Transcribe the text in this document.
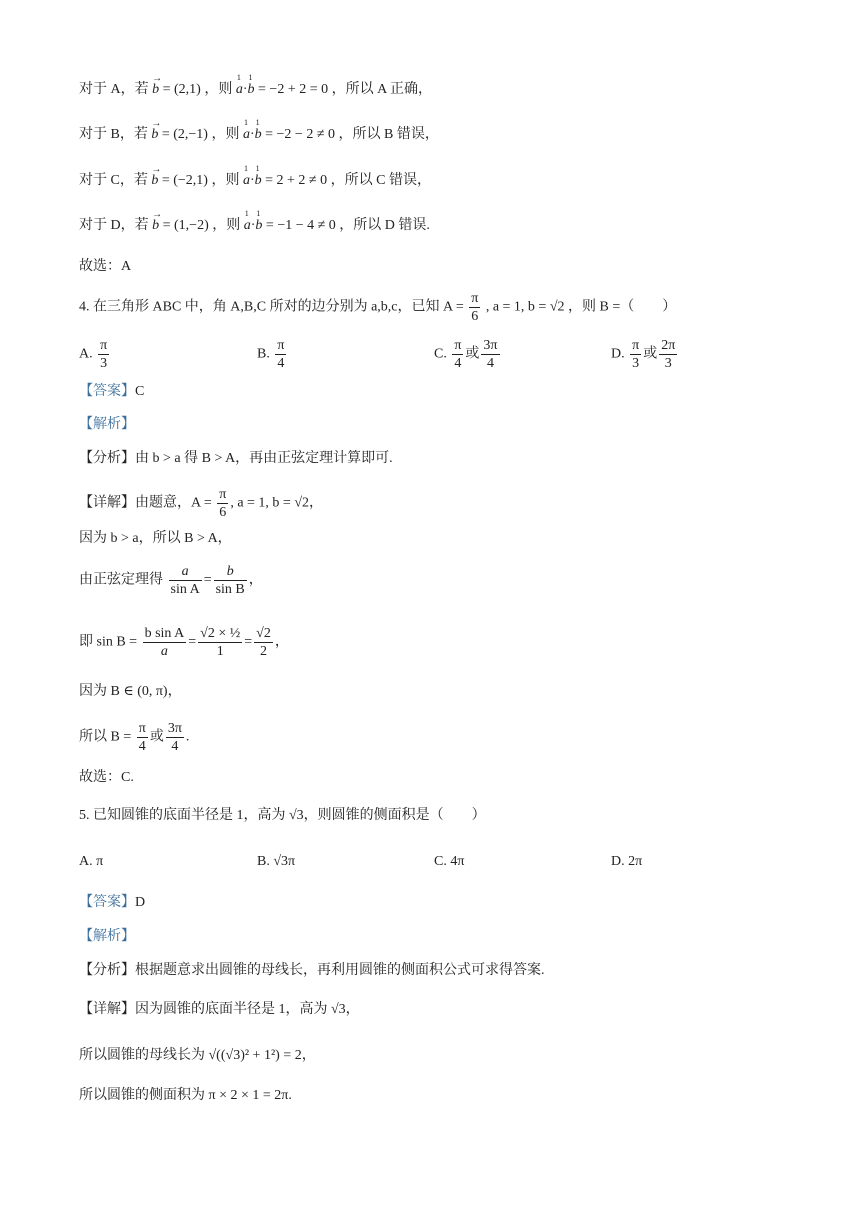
对于 A，若 → b = (2,1) ，则 1 a·1 b = −2 + 2 = 0 ，所以 A 正确，
对于 B，若 → b = (2,−1) ，则 1 a·1 b = −2 − 2 ≠ 0 ，所以 B 错误，
对于 C，若 → b = (−2,1) ，则 1 a·1 b = 2 + 2 ≠ 0 ，所以 C 错误，
对于 D，若 → b = (1,−2) ，则 1 a·1 b = −1 − 4 ≠ 0 ，所以 D 错误.
故选：A
4. 在三角形 ABC 中，角 A,B,C 所对的边分别为 a,b,c，已知 $A = \frac{\pi}{6}$ , a = 1, b = √2 ，则 B =（　　）
A. $\frac{\pi}{3}$	B. $\frac{\pi}{4}$	C. $\frac{\pi}{4}$ 或 $\frac{3\pi}{4}$	D. $\frac{\pi}{3}$ 或 $\frac{2\pi}{3}$
【答案】C
【解析】
【分析】由 b > a 得 B > A，再由正弦定理计算即可.
【详解】由题意，$A = \frac{\pi}{6}$ , a = 1, b = √2，
因为 b > a，所以 B > A，
由正弦定理得 $\frac{a}{\text{sin A}} = \frac{b}{\text{sin B}}$ ，
即 $\sin B = \frac{\text{b sin A}}{a} = \frac{\text{√2 × ½}}{1} = \frac{√2}{2}$ ，
因为 B ∈ (0, π)，
所以 $B = \frac{\pi}{4}$ 或 $\frac{3\pi}{4}$ .
故选：C.
5. 已知圆锥的底面半径是 1，高为 √3，则圆锥的侧面积是（　　）
A. π	B. √3π	C. 4π	D. 2π
【答案】D
【解析】
【分析】根据题意求出圆锥的母线长，再利用圆锥的侧面积公式可求得答案.
【详解】因为圆锥的底面半径是 1，高为 √3，
所以圆锥的母线长为 √((√3)² + 1²) = 2，
所以圆锥的侧面积为 π × 2 × 1 = 2π.
